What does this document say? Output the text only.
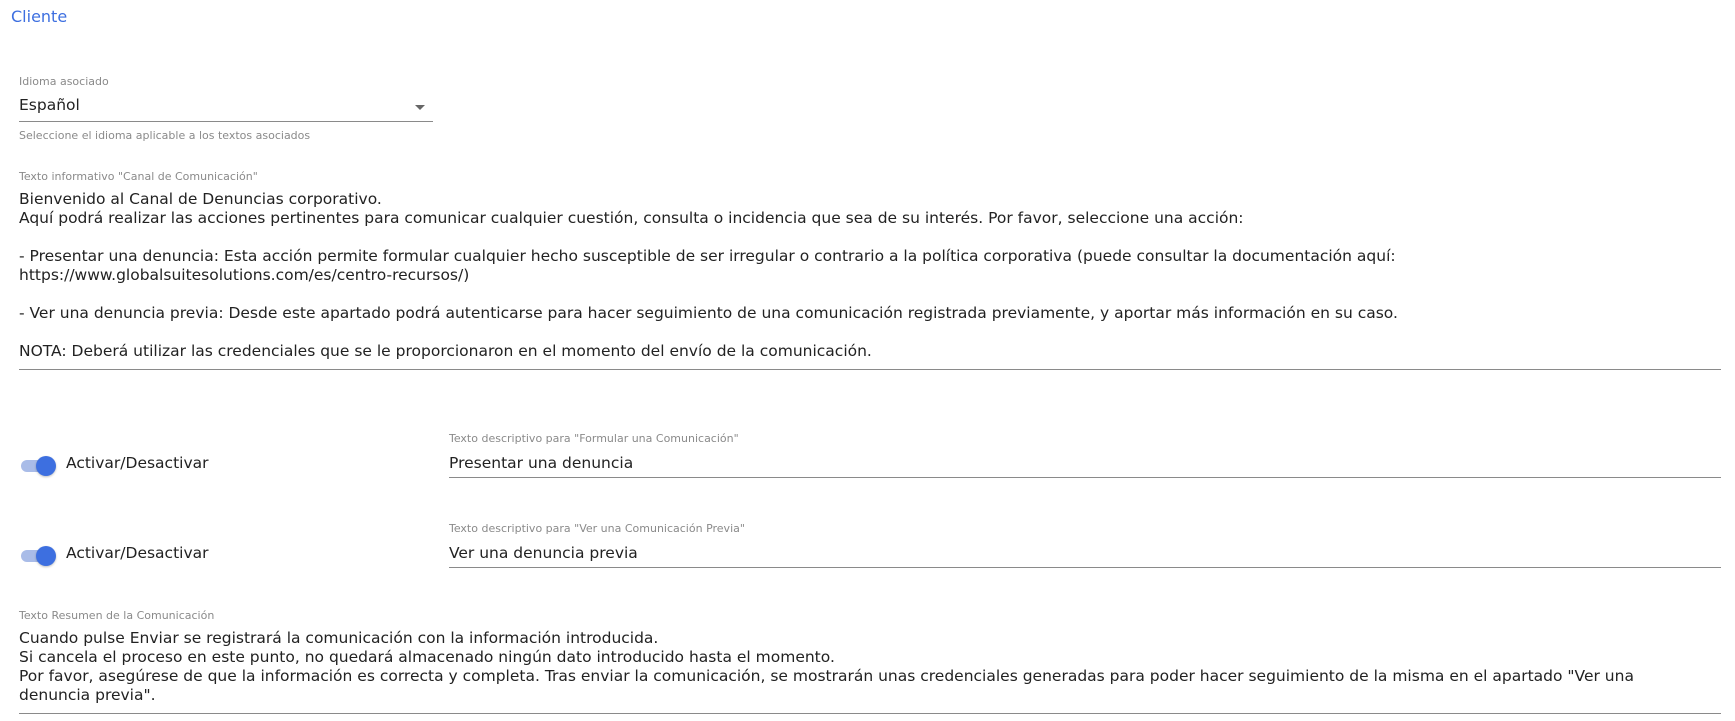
Cliente
Idioma asociado
Español
Seleccione el idioma aplicable a los textos asociados
Texto informativo "Canal de Comunicación"
Bienvenido al Canal de Denuncias corporativo.
Aquí podrá realizar las acciones pertinentes para comunicar cualquier cuestión, consulta o incidencia que sea de su interés. Por favor, seleccione una acción:
- Presentar una denuncia: Esta acción permite formular cualquier hecho susceptible de ser irregular o contrario a la política corporativa (puede consultar la documentación aquí:
https://www.globalsuitesolutions.com/es/centro-recursos/)
- Ver una denuncia previa: Desde este apartado podrá autenticarse para hacer seguimiento de una comunicación registrada previamente, y aportar más información en su caso.
NOTA: Deberá utilizar las credenciales que se le proporcionaron en el momento del envío de la comunicación.
Activar/Desactivar
Texto descriptivo para "Formular una Comunicación"
Presentar una denuncia
Activar/Desactivar
Texto descriptivo para "Ver una Comunicación Previa"
Ver una denuncia previa
Texto Resumen de la Comunicación
Cuando pulse Enviar se registrará la comunicación con la información introducida.
Si cancela el proceso en este punto, no quedará almacenado ningún dato introducido hasta el momento.
Por favor, asegúrese de que la información es correcta y completa. Tras enviar la comunicación, se mostrarán unas credenciales generadas para poder hacer seguimiento de la misma en el apartado "Ver una
denuncia previa".
